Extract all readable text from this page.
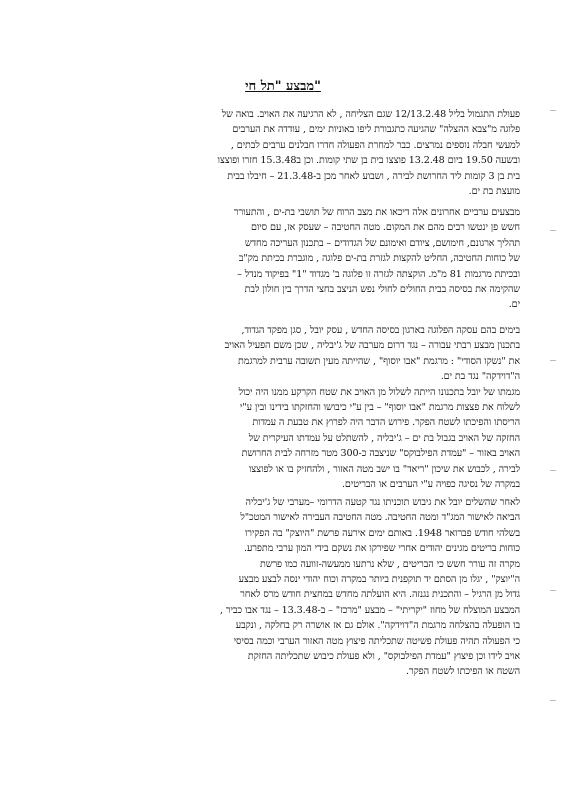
מבצע "תל חי"
פעולת התגמול בליל 12/13.2.48 שגם הצליחה , לא הרגיעה את האויב. בואה של
פלוגה מ"צבא ההצלה" שהגיעה כתגבורת ליפו באוניות ימים , עודדה את הערבים
למעשי חבלה נוספים נמרצים. כבר למחרת הפעולה חדרו חבלנים ערבים לבתים ,
ובשעה 19.50 ביום 13.2.48 פוצצו בית בן שתי קומות. וכן ב15.3.48 חזרו ופוצצו
בית בן 3 קומות ליד החרושת לבירה , ושבוע לאחר מכן ב-21.3.48 – חיבלו בבית
מועצת בת ים.
מבצעים ערביים אחרונים אלה דיכאו את מצב הרוח של תושבי בת-ים , והתעורר
חשש פן ינטשו רבים מהם את המקום. מטה החטיבה – שעסק אז, עם סיום
תהליך ארגונם, חימושם, ציודם ואימונם של הגדודים – בתכנון העריכה מחדש
של כוחות החטיבה, החליט להקצות לגזרת בת-ים פלוגה , מוגברת בכיתת מק"ב
ובכיתת מרגמות 81 מ"מ. הוקצתה לגזרה זו פלוגה ב' מגדוד "1" בפיקוד מנדל –
שהקימה את בסיסה בבית החולים לחולי נפש הניצב בחצי הדרך בין חולון לבת
ים.
בימים בהם עסקה הפלוגה בארגון בסיסה החדש , עסק יובל , סגן מפקד הגדוד,
בתכנון מבצע רבתי עבורה – נגד דרום מערבה של ג'יבליה , שכן משם הפעיל האויב
את "נשקו הסודי" : מרגמת "אבו יוסוף" , שהייתה מעין תשובה ערבית למרגמת
ה"דוידקה" נגד בת ים.
מגמתו של יובל בתכנונו הייתה לשלול מן האויב את שטח הקרקע ממנו היה יכול
לשלוח את פצצות מרגמת "אבו יוסוף" – בין ע"י כיבושו והחזקתו בידינו ובין ע"י
הריסתו והפיכתו לשטח הפקר. פירוש הדבר היה לפרוץ את טבעת ה עמדות
החזקה של האויב בגבול בת ים – ג'יבליה , להשתלט על עמדתו העיקרית של
האויב באזור – "עמדת הפילבוקס" שניצבה כ-300 מטר מזרחה לבית החרושת
לבירה , לכבוש את שיכון "ריאד" בו ישב מטה האזור , ולהחזיק בו או לפוצצו
במקרה של נסיגה כפויה ע"י הערבים או הבריטים.
לאחר שהשלים יובל את גיבוש תוכניתו נגד קטעה הדרומי –מערבי של ג'יבליה
הביאה לאישור המג"ד ומטה החטיבה. מטה החטיבה העבירה לאישור המטכ"ל
בשלהי חודש פברואר 1948. באותם ימים אירעה פרשת "היוצק" בה הפקירו
כוחות בריטים מגינים יהודים אחרי שפירקו את נשקם בידי המון ערבי מתפרע.
מקרה זה עורר חשש כי הבריטים , שלא נרתעו ממעשה-זוועה כמו פרשת
ה"יוצק" , יגלו מן הסתם יד תוקפנית ביותר במקרה וכוח יהודי ינסה לבצע מבצע
גדול מן הרגיל – והתכנית נגנזה. היא הועלתה מחדש במחצית חודש מרס לאחר
המבצע המוצלח של מחוז "יקריתי" – מבצע "מרכז" – ב-13.3.48 – נגד אבו כביר ,
בו הופעלה בהצלחה מרגמת ה"דוידקה". אולם גם אז אושרה רק בחלקה , ונקבע
כי הפעולה תהיה פעולת פשיטה שתכליתה פיצוץ מטה האזור הערבי וכמה בסיסי
אויב לידו וכן פיצוץ "עמדת הפילבוקס" , ולא פעולת כיבוש שתכליתה החזקת
השטח או הפיכתו לשטח הפקר.
